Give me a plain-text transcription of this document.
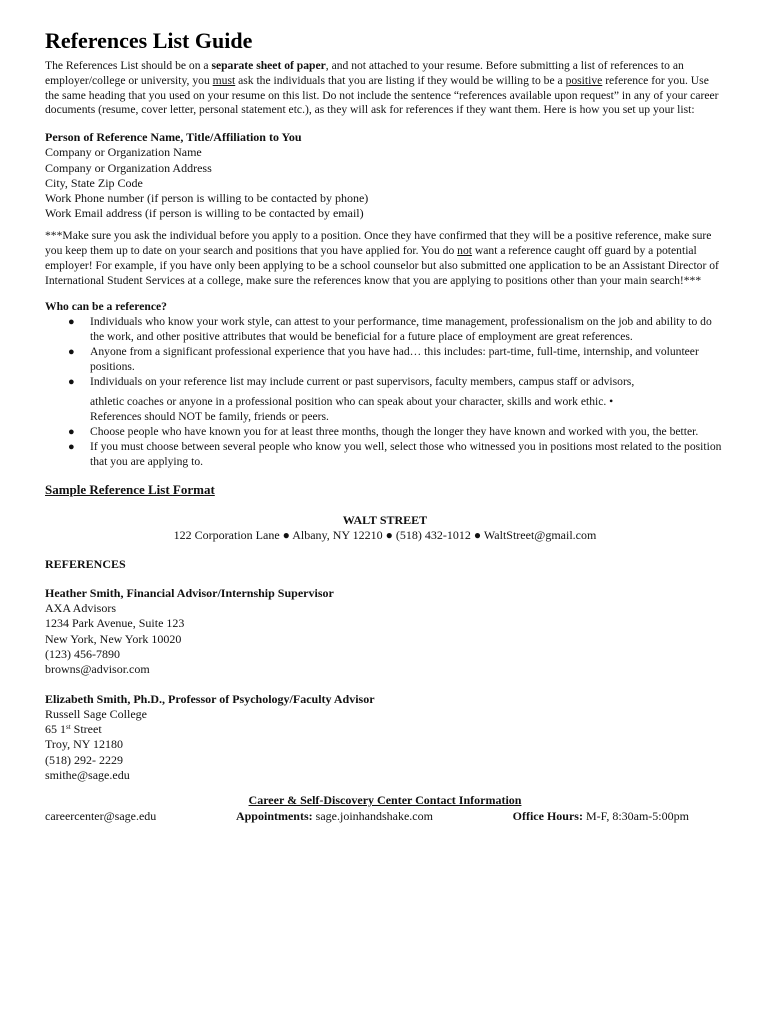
References List Guide

The References List should be on a separate sheet of paper, and not attached to your resume. Before submitting a list of references to an employer/college or university, you must ask the individuals that you are listing if they would be willing to be a positive reference for you. Use the same heading that you used on your resume on this list. Do not include the sentence “references available upon request” in any of your career documents (resume, cover letter, personal statement etc.), as they will ask for references if they want them. Here is how you set up your list:

Person of Reference Name, Title/Affiliation to You
Company or Organization Name
Company or Organization Address
City, State Zip Code
Work Phone number (if person is willing to be contacted by phone)
Work Email address (if person is willing to be contacted by email)

***Make sure you ask the individual before you apply to a position. Once they have confirmed that they will be a positive reference, make sure you keep them up to date on your search and positions that you have applied for. You do not want a reference caught off guard by a potential employer! For example, if you have only been applying to be a school counselor but also submitted one application to be an Assistant Director of International Student Services at a college, make sure the references know that you are applying to positions other than your main search!***

Who can be a reference?
● Individuals who know your work style, can attest to your performance, time management, professionalism on the job and ability to do the work, and other positive attributes that would be beneficial for a future place of employment are great references.
● Anyone from a significant professional experience that you have had… this includes: part-time, full-time, internship, and volunteer positions.
● Individuals on your reference list may include current or past supervisors, faculty members, campus staff or advisors,
athletic coaches or anyone in a professional position who can speak about your character, skills and work ethic. •
References should NOT be family, friends or peers.
● Choose people who have known you for at least three months, though the longer they have known and worked with you, the better.
● If you must choose between several people who know you well, select those who witnessed you in positions most related to the position that you are applying to.
Sample Reference List Format
WALT STREET
122 Corporation Lane ● Albany, NY 12210 ● (518) 432-1012 ● WaltStreet@gmail.com
REFERENCES
Heather Smith, Financial Advisor/Internship Supervisor
AXA Advisors
1234 Park Avenue, Suite 123
New York, New York 10020
(123) 456-7890
browns@advisor.com
Elizabeth Smith, Ph.D., Professor of Psychology/Faculty Advisor
Russell Sage College
65 1st Street
Troy, NY 12180
(518) 292- 2229
smithe@sage.edu
Career & Self-Discovery Center Contact Information
careercenter@sage.edu	Appointments: sage.joinhandshake.com	Office Hours: M-F, 8:30am-5:00pm
